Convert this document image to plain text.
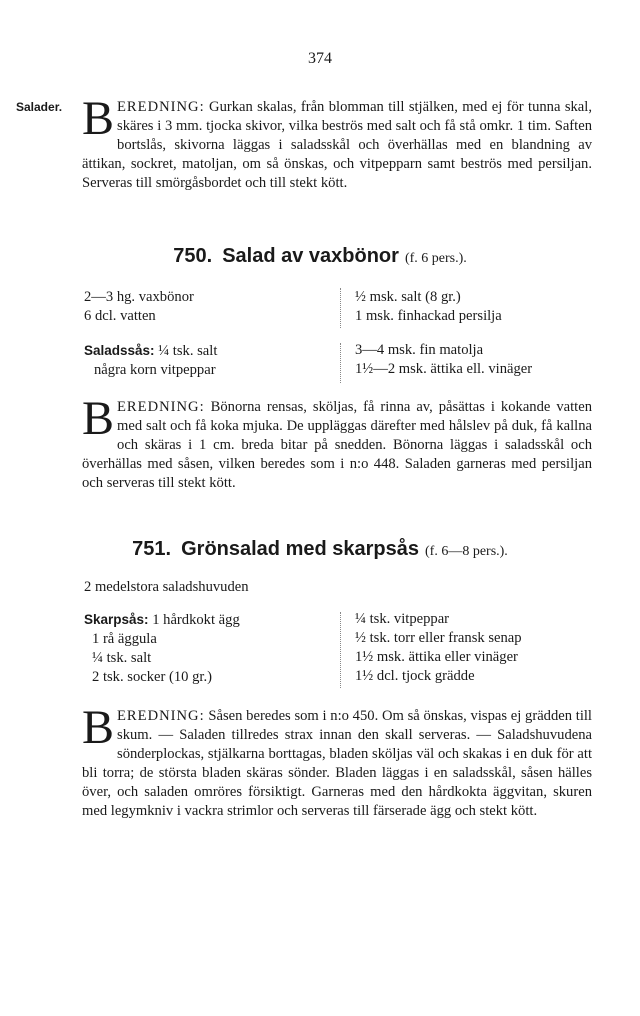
374
Salader. BEREDNING: Gurkan skalas, från blomman till stjälken, med ej för tunna skal, skäres i 3 mm. tjocka skivor, vilka beströs med salt och få stå omkr. 1 tim. Saften bortslås, skivorna läggas i saladsskål och överhällas med en blandning av ättikan, sockret, matoljan, om så önskas, och vitpepparn samt beströs med persiljan. Serveras till smörgåsbordet och till stekt kött.
750. Salad av vaxbönor (f. 6 pers.).
2—3 hg. vaxbönor
6 dcl. vatten
½ msk. salt (8 gr.)
1 msk. finhackad persilja
Saladssås: ¼ tsk. salt
några korn vitpeppar
3—4 msk. fin matolja
1½—2 msk. ättika ell. vinäger
BEREDNING: Bönorna rensas, sköljas, få rinna av, påsättas i kokande vatten med salt och få koka mjuka. De uppläggas därefter med hålslev på duk, få kallna och skäras i 1 cm. breda bitar på snedden. Bönorna läggas i saladsskål och överhällas med såsen, vilken beredes som i n:o 448. Saladen garneras med persiljan och serveras till stekt kött.
751. Grönsalad med skarpsås (f. 6—8 pers.).
2 medelstora saladshuvuden
Skarpsås: 1 hårdkokt ägg
1 rå äggula
¼ tsk. salt
2 tsk. socker (10 gr.)
¼ tsk. vitpeppar
½ tsk. torr eller fransk senap
1½ msk. ättika eller vinäger
1½ dcl. tjock grädde
BEREDNING: Såsen beredes som i n:o 450. Om så önskas, vispas ej grädden till skum. — Saladen tillredes strax innan den skall serveras. — Saladshuvudena sönderplockas, stjälkarna borttagas, bladen sköljas väl och skakas i en duk för att bli torra; de största bladen skäras sönder. Bladen läggas i en saladsskål, såsen hälles över, och saladen omröres försiktigt. Garneras med den hårdkokta äggvitan, skuren med legymkniv i vackra strimlor och serveras till färserade ägg och stekt kött.
